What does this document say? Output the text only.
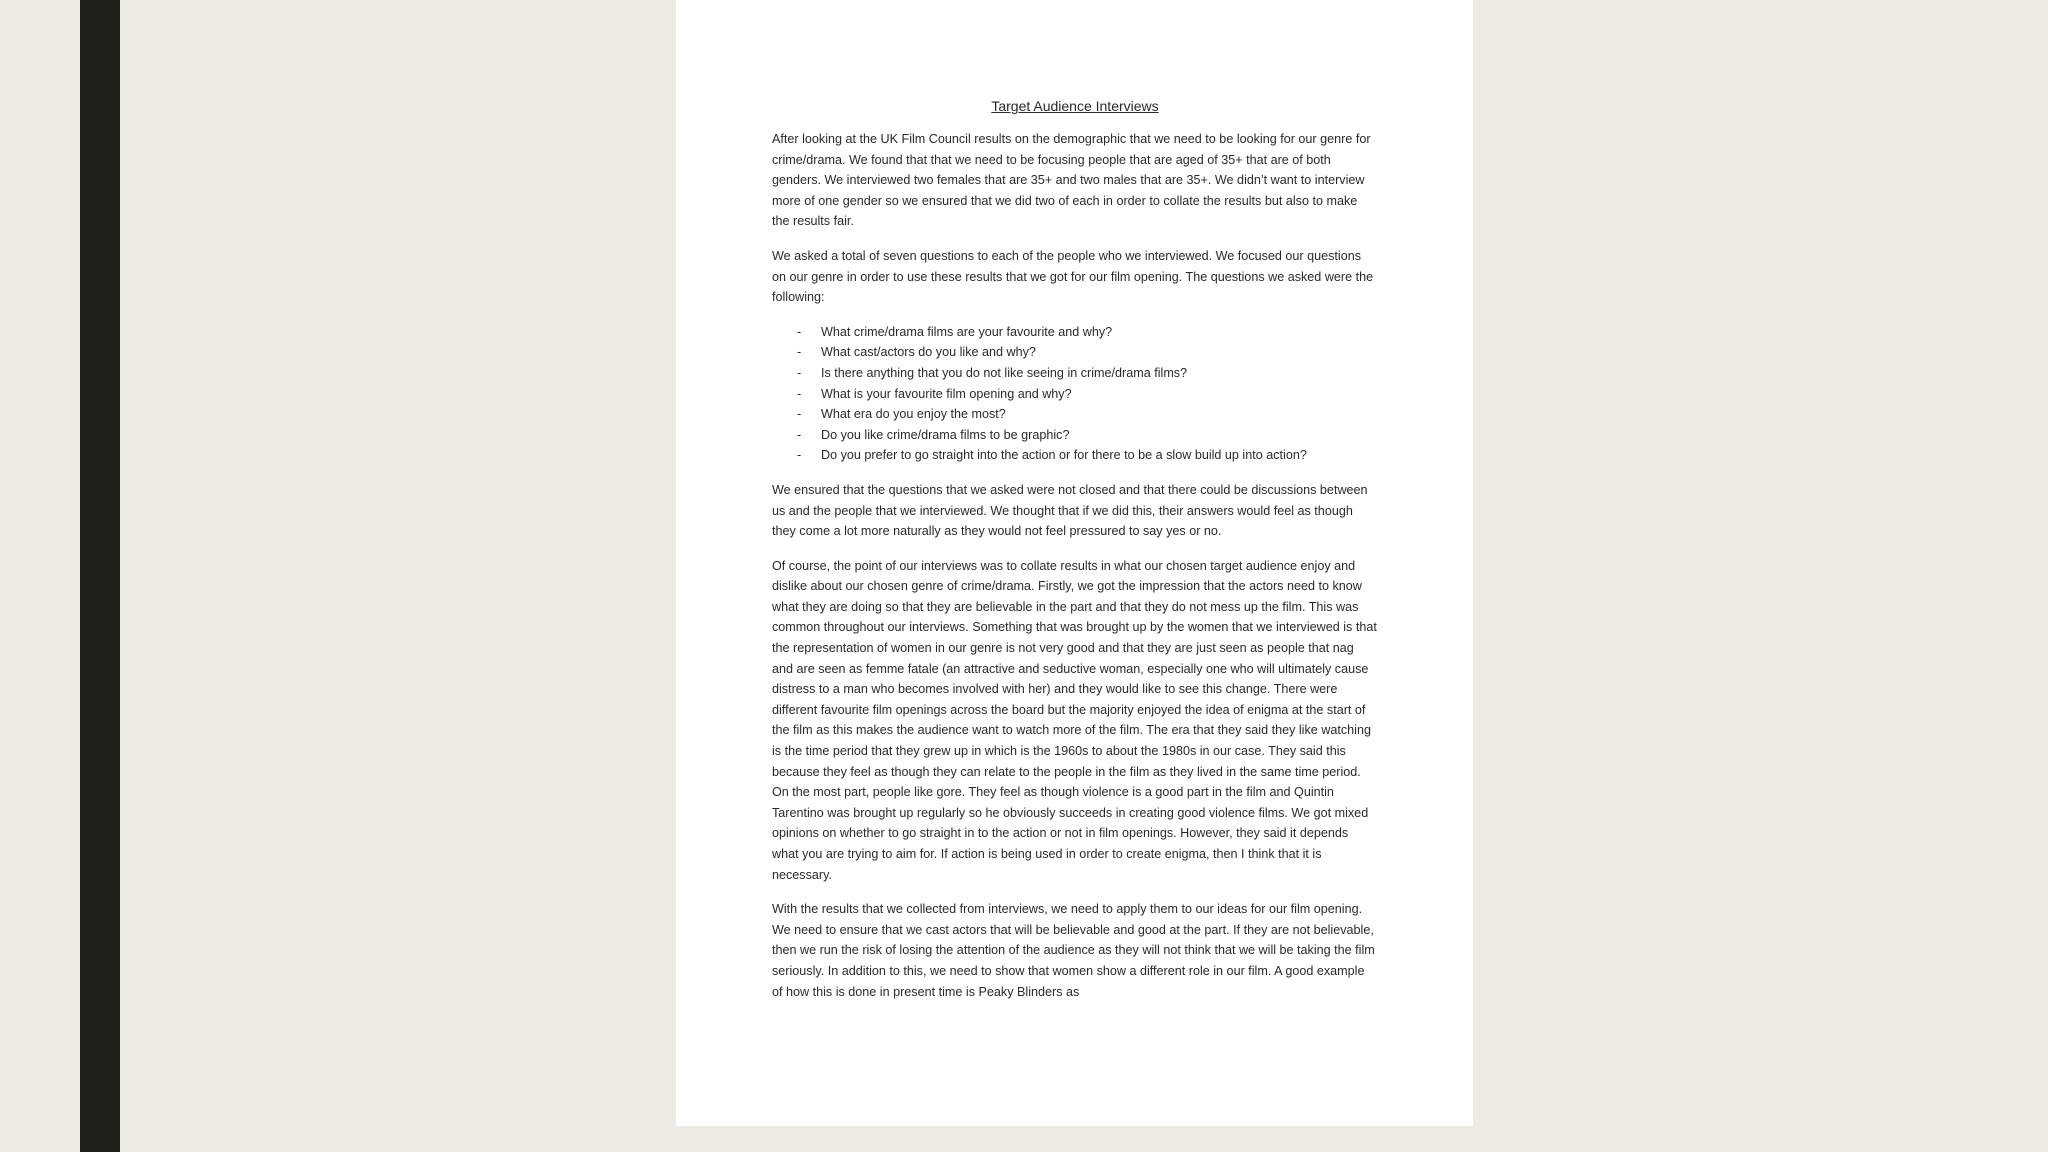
Target Audience Interviews

After looking at the UK Film Council results on the demographic that we need to be looking for our genre for crime/drama. We found that that we need to be focusing people that are aged of 35+ that are of both genders. We interviewed two females that are 35+ and two males that are 35+. We didn’t want to interview more of one gender so we ensured that we did two of each in order to collate the results but also to make the results fair.

We asked a total of seven questions to each of the people who we interviewed. We focused our questions on our genre in order to use these results that we got for our film opening. The questions we asked were the following:

- What crime/drama films are your favourite and why?
- What cast/actors do you like and why?
- Is there anything that you do not like seeing in crime/drama films?
- What is your favourite film opening and why?
- What era do you enjoy the most?
- Do you like crime/drama films to be graphic?
- Do you prefer to go straight into the action or for there to be a slow build up into action?

We ensured that the questions that we asked were not closed and that there could be discussions between us and the people that we interviewed. We thought that if we did this, their answers would feel as though they come a lot more naturally as they would not feel pressured to say yes or no.

Of course, the point of our interviews was to collate results in what our chosen target audience enjoy and dislike about our chosen genre of crime/drama. Firstly, we got the impression that the actors need to know what they are doing so that they are believable in the part and that they do not mess up the film. This was common throughout our interviews. Something that was brought up by the women that we interviewed is that the representation of women in our genre is not very good and that they are just seen as people that nag and are seen as femme fatale (an attractive and seductive woman, especially one who will ultimately cause distress to a man who becomes involved with her) and they would like to see this change. There were different favourite film openings across the board but the majority enjoyed the idea of enigma at the start of the film as this makes the audience want to watch more of the film. The era that they said they like watching is the time period that they grew up in which is the 1960s to about the 1980s in our case. They said this because they feel as though they can relate to the people in the film as they lived in the same time period. On the most part, people like gore. They feel as though violence is a good part in the film and Quintin Tarentino was brought up regularly so he obviously succeeds in creating good violence films. We got mixed opinions on whether to go straight in to the action or not in film openings. However, they said it depends what you are trying to aim for. If action is being used in order to create enigma, then I think that it is necessary.

With the results that we collected from interviews, we need to apply them to our ideas for our film opening. We need to ensure that we cast actors that will be believable and good at the part. If they are not believable, then we run the risk of losing the attention of the audience as they will not think that we will be taking the film seriously. In addition to this, we need to show that women show a different role in our film. A good example of how this is done in present time is Peaky Blinders as
